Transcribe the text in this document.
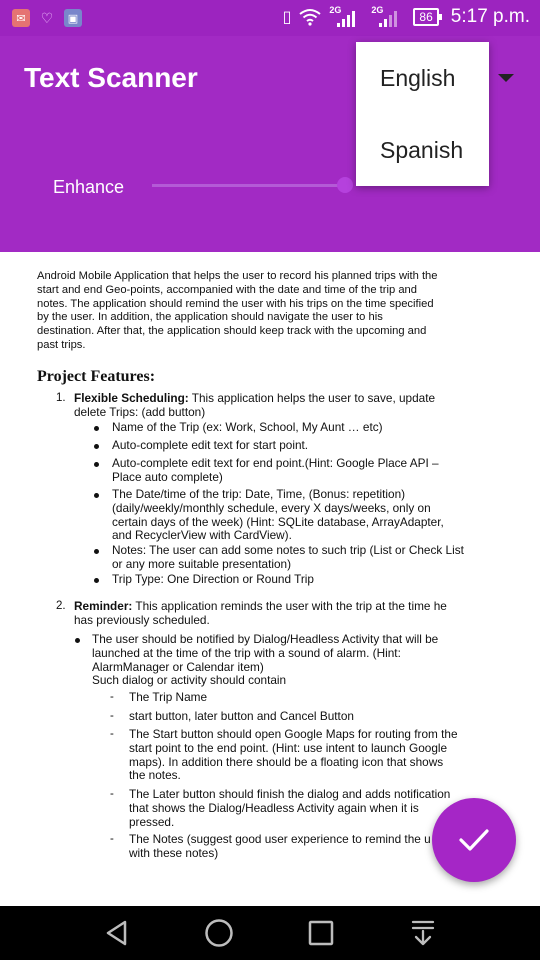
✉	♡	▣	▯	2G	2G	86 5:17 p.m.
Text Scanner
Enhance
English
Spanish
Android Mobile Application that helps the user to record his planned trips with the
start and end Geo-points, accompanied with the date and time of the trip and
notes. The application should remind the user with his trips on the time specified
by the user. In addition, the application should navigate the user to his
destination. After that, the application should keep track with the upcoming and
past trips.
Project Features:
1. Flexible Scheduling: This application helps the user to save, update
delete Trips: (add button)
Name of the Trip (ex: Work, School, My Aunt … etc)
Auto-complete edit text for start point.
Auto-complete edit text for end point.(Hint: Google Place API –
Place auto complete)
The Date/time of the trip: Date, Time, (Bonus: repetition)
(daily/weekly/monthly schedule, every X days/weeks, only on
certain days of the week) (Hint: SQLite database, ArrayAdapter,
and RecyclerView with CardView).
Notes: The user can add some notes to such trip (List or Check List
or any more suitable presentation)
Trip Type: One Direction or Round Trip
2. Reminder: This application reminds the user with the trip at the time he
has previously scheduled.
The user should be notified by Dialog/Headless Activity that will be
launched at the time of the trip with a sound of alarm. (Hint:
AlarmManager or Calendar item)
Such dialog or activity should contain
- The Trip Name
- start button, later button and Cancel Button
- The Start button should open Google Maps for routing from the
start point to the end point. (Hint: use intent to launch Google
maps). In addition there should be a floating icon that shows
the notes.
- The Later button should finish the dialog and adds notification
that shows the Dialog/Headless Activity again when it is
pressed.
- The Notes (suggest good user experience to remind the u
with these notes)
